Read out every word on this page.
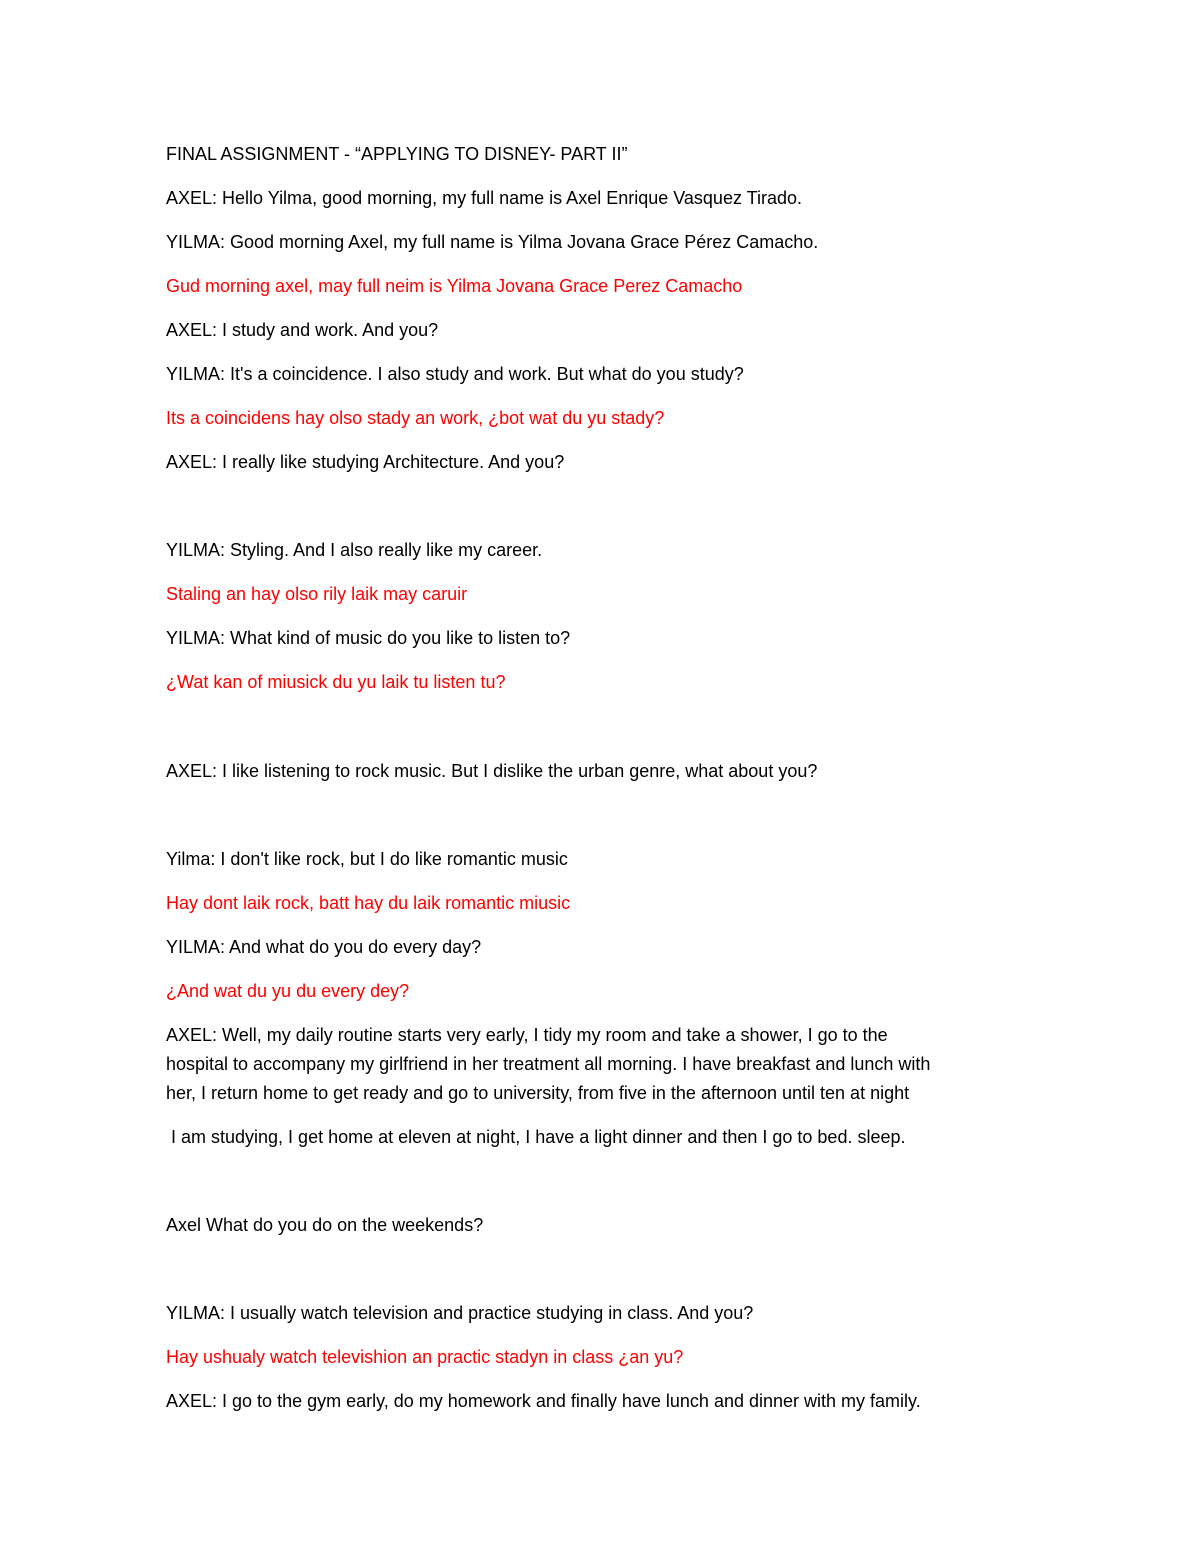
FINAL ASSIGNMENT - “APPLYING TO DISNEY- PART II”
AXEL: Hello Yilma, good morning, my full name is Axel Enrique Vasquez Tirado.
YILMA: Good morning Axel, my full name is Yilma Jovana Grace Pérez Camacho.
Gud morning axel, may full neim is Yilma Jovana Grace Perez Camacho
AXEL: I study and work. And you?
YILMA: It's a coincidence. I also study and work. But what do you study?
Its a coincidens hay olso stady an work, ¿bot wat du yu stady?
AXEL: I really like studying Architecture. And you?
YILMA: Styling. And I also really like my career.
Staling an hay olso rily laik may caruir
YILMA: What kind of music do you like to listen to?
¿Wat kan of miusick du yu laik tu listen tu?
AXEL: I like listening to rock music. But I dislike the urban genre, what about you?
Yilma: I don't like rock, but I do like romantic music
Hay dont laik rock, batt hay du laik romantic miusic
YILMA: And what do you do every day?
¿And wat du yu du every dey?
AXEL: Well, my daily routine starts very early, I tidy my room and take a shower, I go to the
hospital to accompany my girlfriend in her treatment all morning. I have breakfast and lunch with
her, I return home to get ready and go to university, from five in the afternoon until ten at night
I am studying, I get home at eleven at night, I have a light dinner and then I go to bed. sleep.
Axel What do you do on the weekends?
YILMA: I usually watch television and practice studying in class. And you?
Hay ushualy watch televishion an practic stadyn in class ¿an yu?
AXEL: I go to the gym early, do my homework and finally have lunch and dinner with my family.
